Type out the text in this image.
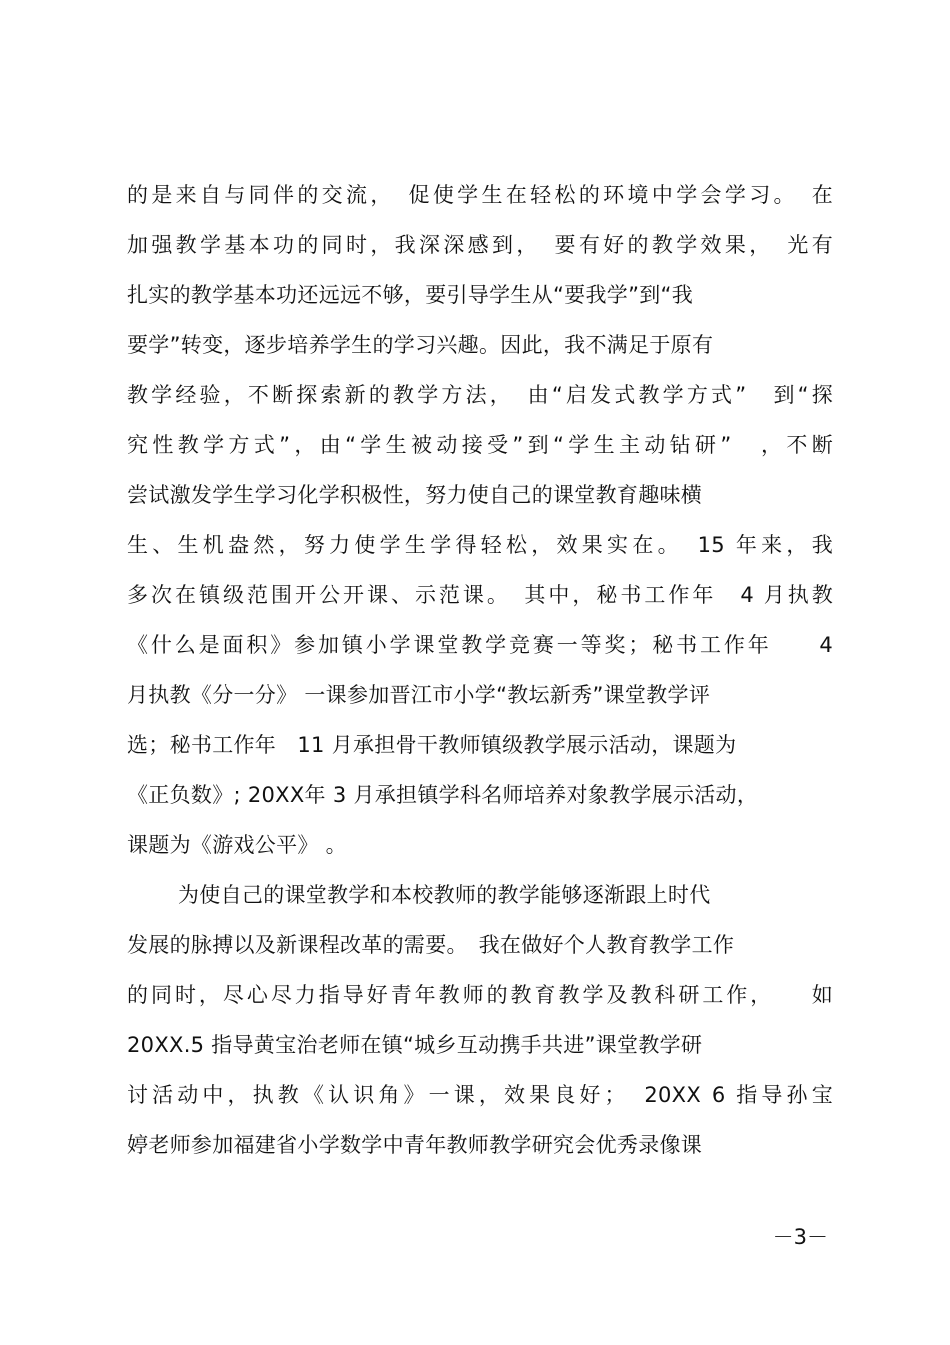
的是来自与同伴的交流，　促使学生在轻松的环境中学会学习。　在
加强教学基本功的同时，我深深感到，　要有好的教学效果，　光有
扎实的教学基本功还远远不够，要引导学生从“要我学”到“我
要学”转变，逐步培养学生的学习兴趣。因此，我不满足于原有
教学经验，不断探索新的教学方法，　由“启发式教学方式”　到“探
究性教学方式”，由“学生被动接受”到“学生主动钻研”　，不断
尝试激发学生学习化学积极性，努力使自己的课堂教育趣味横
生、生机盎然，努力使学生学得轻松，效果实在。　15 年来，我
多次在镇级范围开公开课、示范课。　其中，秘书工作年　4 月执教
《什么是面积》参加镇小学课堂教学竞赛一等奖；秘书工作年　　4
月执教《分一分》 一课参加晋江市小学“教坛新秀”课堂教学评
选；秘书工作年　11 月承担骨干教师镇级教学展示活动，课题为
《正负数》; 20XX年 3 月承担镇学科名师培养对象教学展示活动，
课题为《游戏公平》 。
为使自己的课堂教学和本校教师的教学能够逐渐跟上时代
发展的脉搏以及新课程改革的需要。　我在做好个人教育教学工作
的同时，尽心尽力指导好青年教师的教育教学及教科研工作，　　如
20XX.5 指导黄宝治老师在镇“城乡互动携手共进”课堂教学研
讨活动中，执教《认识角》一课，效果良好；　20XX 6 指导孙宝
婷老师参加福建省小学数学中青年教师教学研究会优秀录像课
－3－
